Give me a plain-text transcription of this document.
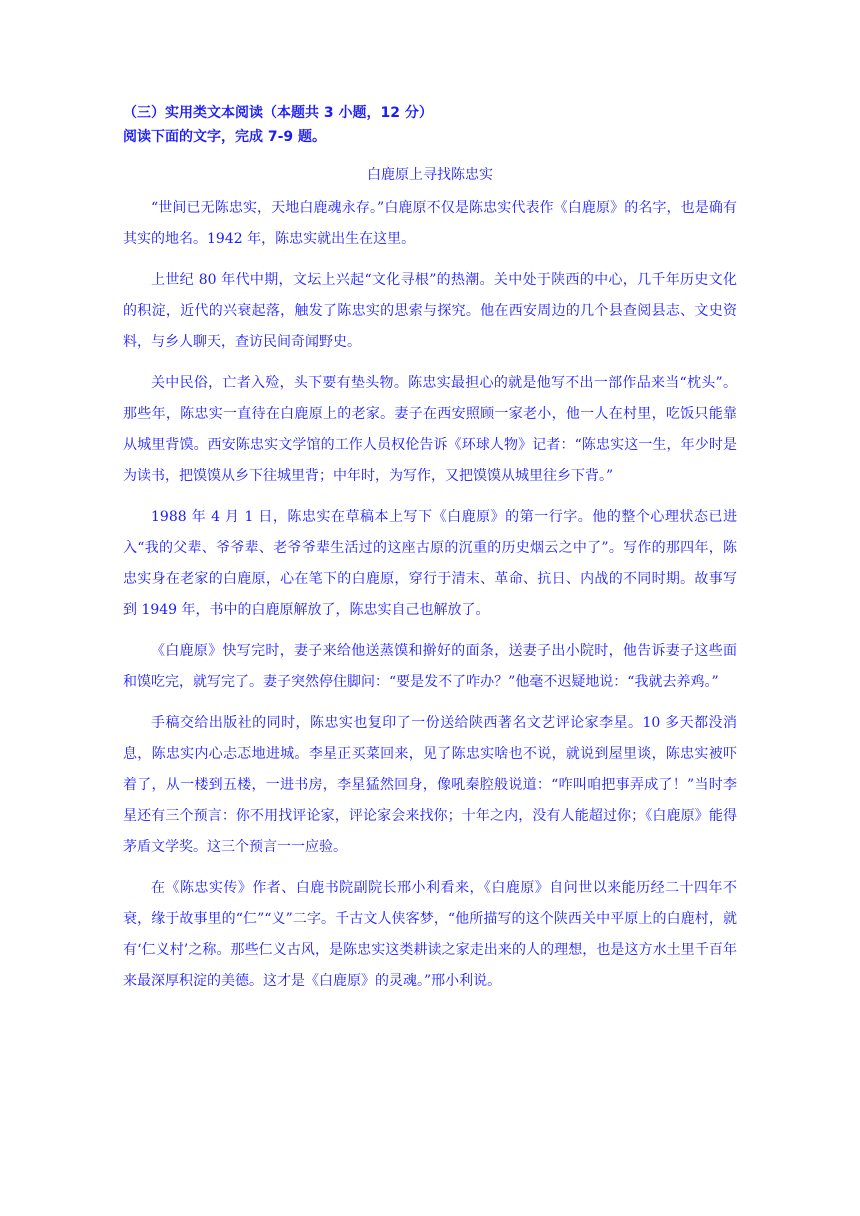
（三）实用类文本阅读（本题共 3 小题，12 分）

阅读下面的文字，完成 7-9 题。

白鹿原上寻找陈忠实

“世间已无陈忠实，天地白鹿魂永存。”白鹿原不仅是陈忠实代表作《白鹿原》的名字，也是确有其实的地名。1942 年，陈忠实就出生在这里。

上世纪 80 年代中期，文坛上兴起“文化寻根”的热潮。关中处于陕西的中心，几千年历史文化的积淀，近代的兴衰起落，触发了陈忠实的思索与探究。他在西安周边的几个县查阅县志、文史资料，与乡人聊天，查访民间奇闻野史。

关中民俗，亡者入殓，头下要有垫头物。陈忠实最担心的就是他写不出一部作品来当“枕头”。那些年，陈忠实一直待在白鹿原上的老家。妻子在西安照顾一家老小，他一人在村里，吃饭只能靠从城里背馍。西安陈忠实文学馆的工作人员权伦告诉《环球人物》记者：“陈忠实这一生，年少时是为读书，把馍馍从乡下往城里背；中年时，为写作，又把馍馍从城里往乡下背。”

1988 年 4 月 1 日，陈忠实在草稿本上写下《白鹿原》的第一行字。他的整个心理状态已进入“我的父辈、爷爷辈、老爷爷辈生活过的这座古原的沉重的历史烟云之中了”。写作的那四年，陈忠实身在老家的白鹿原，心在笔下的白鹿原，穿行于清末、革命、抗日、内战的不同时期。故事写到 1949 年，书中的白鹿原解放了，陈忠实自己也解放了。

《白鹿原》快写完时，妻子来给他送蒸馍和擀好的面条，送妻子出小院时，他告诉妻子这些面和馍吃完，就写完了。妻子突然停住脚问：“要是发不了咋办？”他毫不迟疑地说：“我就去养鸡。”

手稿交给出版社的同时，陈忠实也复印了一份送给陕西著名文艺评论家李星。10 多天都没消息，陈忠实内心忐忑地进城。李星正买菜回来，见了陈忠实啥也不说，就说到屋里谈，陈忠实被吓着了，从一楼到五楼，一进书房，李星猛然回身，像吼秦腔般说道：“咋叫咱把事弄成了！”当时李星还有三个预言：你不用找评论家，评论家会来找你；十年之内，没有人能超过你；《白鹿原》能得茅盾文学奖。这三个预言一一应验。

在《陈忠实传》作者、白鹿书院副院长邢小利看来，《白鹿原》自问世以来能历经二十四年不衰，缘于故事里的“仁”“义”二字。千古文人侠客梦，“他所描写的这个陕西关中平原上的白鹿村，就有‘仁义村’之称。那些仁义古风，是陈忠实这类耕读之家走出来的人的理想，也是这方水土里千百年来最深厚积淀的美德。这才是《白鹿原》的灵魂。”邢小利说。
